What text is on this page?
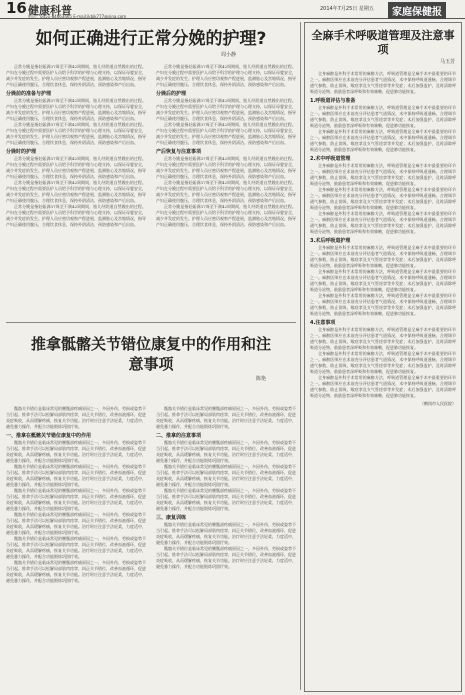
16 健康科普
电话：0451-84663465 E-mail:jkbjk777@sina.com
2014年7月25日 星期五	家庭保健报
如何正确进行正常分娩的护理?
周小静

正常分娩是指妊娠满37周至不满42周期间，胎儿经阴道自然娩出的过程。产妇在分娩过程中需要医护人员给予科学的护理与心理支持，以保证母婴安全，减少并发症的发生。护理人员应密切观察产程进展，监测胎心及宫缩情况，指导产妇正确使用腹压，合理饮食休息，保持外阴清洁，预防感染和产后出血。

分娩前的准备与护理

正常分娩是指妊娠满37周至不满42周期间，胎儿经阴道自然娩出的过程。产妇在分娩过程中需要医护人员给予科学的护理与心理支持，以保证母婴安全，减少并发症的发生。护理人员应密切观察产程进展，监测胎心及宫缩情况，指导产妇正确使用腹压，合理饮食休息，保持外阴清洁，预防感染和产后出血。

正常分娩是指妊娠满37周至不满42周期间，胎儿经阴道自然娩出的过程。产妇在分娩过程中需要医护人员给予科学的护理与心理支持，以保证母婴安全，减少并发症的发生。护理人员应密切观察产程进展，监测胎心及宫缩情况，指导产妇正确使用腹压，合理饮食休息，保持外阴清洁，预防感染和产后出血。

分娩时的护理

正常分娩是指妊娠满37周至不满42周期间，胎儿经阴道自然娩出的过程。产妇在分娩过程中需要医护人员给予科学的护理与心理支持，以保证母婴安全，减少并发症的发生。护理人员应密切观察产程进展，监测胎心及宫缩情况，指导产妇正确使用腹压，合理饮食休息，保持外阴清洁，预防感染和产后出血。

正常分娩是指妊娠满37周至不满42周期间，胎儿经阴道自然娩出的过程。产妇在分娩过程中需要医护人员给予科学的护理与心理支持，以保证母婴安全，减少并发症的发生。护理人员应密切观察产程进展，监测胎心及宫缩情况，指导产妇正确使用腹压，合理饮食休息，保持外阴清洁，预防感染和产后出血。

正常分娩是指妊娠满37周至不满42周期间，胎儿经阴道自然娩出的过程。产妇在分娩过程中需要医护人员给予科学的护理与心理支持，以保证母婴安全，减少并发症的发生。护理人员应密切观察产程进展，监测胎心及宫缩情况，指导产妇正确使用腹压，合理饮食休息，保持外阴清洁，预防感染和产后出血。

正常分娩是指妊娠满37周至不满42周期间，胎儿经阴道自然娩出的过程。产妇在分娩过程中需要医护人员给予科学的护理与心理支持，以保证母婴安全，减少并发症的发生。护理人员应密切观察产程进展，监测胎心及宫缩情况，指导产妇正确使用腹压，合理饮食休息，保持外阴清洁，预防感染和产后出血。

分娩后的护理

正常分娩是指妊娠满37周至不满42周期间，胎儿经阴道自然娩出的过程。产妇在分娩过程中需要医护人员给予科学的护理与心理支持，以保证母婴安全，减少并发症的发生。护理人员应密切观察产程进展，监测胎心及宫缩情况，指导产妇正确使用腹压，合理饮食休息，保持外阴清洁，预防感染和产后出血。

正常分娩是指妊娠满37周至不满42周期间，胎儿经阴道自然娩出的过程。产妇在分娩过程中需要医护人员给予科学的护理与心理支持，以保证母婴安全，减少并发症的发生。护理人员应密切观察产程进展，监测胎心及宫缩情况，指导产妇正确使用腹压，合理饮食休息，保持外阴清洁，预防感染和产后出血。

产后恢复与注意事项

正常分娩是指妊娠满37周至不满42周期间，胎儿经阴道自然娩出的过程。产妇在分娩过程中需要医护人员给予科学的护理与心理支持，以保证母婴安全，减少并发症的发生。护理人员应密切观察产程进展，监测胎心及宫缩情况，指导产妇正确使用腹压，合理饮食休息，保持外阴清洁，预防感染和产后出血。

正常分娩是指妊娠满37周至不满42周期间，胎儿经阴道自然娩出的过程。产妇在分娩过程中需要医护人员给予科学的护理与心理支持，以保证母婴安全，减少并发症的发生。护理人员应密切观察产程进展，监测胎心及宫缩情况，指导产妇正确使用腹压，合理饮食休息，保持外阴清洁，预防感染和产后出血。

正常分娩是指妊娠满37周至不满42周期间，胎儿经阴道自然娩出的过程。产妇在分娩过程中需要医护人员给予科学的护理与心理支持，以保证母婴安全，减少并发症的发生。护理人员应密切观察产程进展，监测胎心及宫缩情况，指导产妇正确使用腹压，合理饮食休息，保持外阴清洁，预防感染和产后出血。

推拿骶髂关节错位康复中的作用和注意事项
陈艳

骶髂关节错位是临床常见的腰骶部疼痛原因之一，多因外伤、劳损或姿势不当引起。推拿手法可以松解局部肌肉痉挛，纠正关节错位，改善血液循环，促进炎症吸收，从而缓解疼痛，恢复关节功能。治疗时应注意手法轻柔，力度适中，避免暴力操作，并配合功能锻炼巩固疗效。

一、推拿在骶髂关节错位康复中的作用

骶髂关节错位是临床常见的腰骶部疼痛原因之一，多因外伤、劳损或姿势不当引起。推拿手法可以松解局部肌肉痉挛，纠正关节错位，改善血液循环，促进炎症吸收，从而缓解疼痛，恢复关节功能。治疗时应注意手法轻柔，力度适中，避免暴力操作，并配合功能锻炼巩固疗效。

骶髂关节错位是临床常见的腰骶部疼痛原因之一，多因外伤、劳损或姿势不当引起。推拿手法可以松解局部肌肉痉挛，纠正关节错位，改善血液循环，促进炎症吸收，从而缓解疼痛，恢复关节功能。治疗时应注意手法轻柔，力度适中，避免暴力操作，并配合功能锻炼巩固疗效。

骶髂关节错位是临床常见的腰骶部疼痛原因之一，多因外伤、劳损或姿势不当引起。推拿手法可以松解局部肌肉痉挛，纠正关节错位，改善血液循环，促进炎症吸收，从而缓解疼痛，恢复关节功能。治疗时应注意手法轻柔，力度适中，避免暴力操作，并配合功能锻炼巩固疗效。

骶髂关节错位是临床常见的腰骶部疼痛原因之一，多因外伤、劳损或姿势不当引起。推拿手法可以松解局部肌肉痉挛，纠正关节错位，改善血液循环，促进炎症吸收，从而缓解疼痛，恢复关节功能。治疗时应注意手法轻柔，力度适中，避免暴力操作，并配合功能锻炼巩固疗效。

骶髂关节错位是临床常见的腰骶部疼痛原因之一，多因外伤、劳损或姿势不当引起。推拿手法可以松解局部肌肉痉挛，纠正关节错位，改善血液循环，促进炎症吸收，从而缓解疼痛，恢复关节功能。治疗时应注意手法轻柔，力度适中，避免暴力操作，并配合功能锻炼巩固疗效。

骶髂关节错位是临床常见的腰骶部疼痛原因之一，多因外伤、劳损或姿势不当引起。推拿手法可以松解局部肌肉痉挛，纠正关节错位，改善血液循环，促进炎症吸收，从而缓解疼痛，恢复关节功能。治疗时应注意手法轻柔，力度适中，避免暴力操作，并配合功能锻炼巩固疗效。

骶髂关节错位是临床常见的腰骶部疼痛原因之一，多因外伤、劳损或姿势不当引起。推拿手法可以松解局部肌肉痉挛，纠正关节错位，改善血液循环，促进炎症吸收，从而缓解疼痛，恢复关节功能。治疗时应注意手法轻柔，力度适中，避免暴力操作，并配合功能锻炼巩固疗效。

二、推拿的注意事项

骶髂关节错位是临床常见的腰骶部疼痛原因之一，多因外伤、劳损或姿势不当引起。推拿手法可以松解局部肌肉痉挛，纠正关节错位，改善血液循环，促进炎症吸收，从而缓解疼痛，恢复关节功能。治疗时应注意手法轻柔，力度适中，避免暴力操作，并配合功能锻炼巩固疗效。

骶髂关节错位是临床常见的腰骶部疼痛原因之一，多因外伤、劳损或姿势不当引起。推拿手法可以松解局部肌肉痉挛，纠正关节错位，改善血液循环，促进炎症吸收，从而缓解疼痛，恢复关节功能。治疗时应注意手法轻柔，力度适中，避免暴力操作，并配合功能锻炼巩固疗效。

骶髂关节错位是临床常见的腰骶部疼痛原因之一，多因外伤、劳损或姿势不当引起。推拿手法可以松解局部肌肉痉挛，纠正关节错位，改善血液循环，促进炎症吸收，从而缓解疼痛，恢复关节功能。治疗时应注意手法轻柔，力度适中，避免暴力操作，并配合功能锻炼巩固疗效。

三、康复训练

骶髂关节错位是临床常见的腰骶部疼痛原因之一，多因外伤、劳损或姿势不当引起。推拿手法可以松解局部肌肉痉挛，纠正关节错位，改善血液循环，促进炎症吸收，从而缓解疼痛，恢复关节功能。治疗时应注意手法轻柔，力度适中，避免暴力操作，并配合功能锻炼巩固疗效。

骶髂关节错位是临床常见的腰骶部疼痛原因之一，多因外伤、劳损或姿势不当引起。推拿手法可以松解局部肌肉痉挛，纠正关节错位，改善血液循环，促进炎症吸收，从而缓解疼痛，恢复关节功能。治疗时应注意手法轻柔，力度适中，避免暴力操作，并配合功能锻炼巩固疗效。

全麻手术呼吸道管理及注意事项
马玉芳

全身麻醉是外科手术常用的麻醉方法，呼吸道管理是全麻手术中最重要的环节之一。麻醉医师应在术前充分评估患者气道情况，术中保持呼吸道通畅，合理调节通气参数，防止误吸、喉痉挛及支气管痉挛等并发症；术后加强监护，及时清除呼吸道分泌物，鼓励患者深呼吸和有效咳嗽，促进肺功能恢复。

1.呼吸道评估与准备

全身麻醉是外科手术常用的麻醉方法，呼吸道管理是全麻手术中最重要的环节之一。麻醉医师应在术前充分评估患者气道情况，术中保持呼吸道通畅，合理调节通气参数，防止误吸、喉痉挛及支气管痉挛等并发症；术后加强监护，及时清除呼吸道分泌物，鼓励患者深呼吸和有效咳嗽，促进肺功能恢复。

全身麻醉是外科手术常用的麻醉方法，呼吸道管理是全麻手术中最重要的环节之一。麻醉医师应在术前充分评估患者气道情况，术中保持呼吸道通畅，合理调节通气参数，防止误吸、喉痉挛及支气管痉挛等并发症；术后加强监护，及时清除呼吸道分泌物，鼓励患者深呼吸和有效咳嗽，促进肺功能恢复。

2.术中呼吸道管理

全身麻醉是外科手术常用的麻醉方法，呼吸道管理是全麻手术中最重要的环节之一。麻醉医师应在术前充分评估患者气道情况，术中保持呼吸道通畅，合理调节通气参数，防止误吸、喉痉挛及支气管痉挛等并发症；术后加强监护，及时清除呼吸道分泌物，鼓励患者深呼吸和有效咳嗽，促进肺功能恢复。

全身麻醉是外科手术常用的麻醉方法，呼吸道管理是全麻手术中最重要的环节之一。麻醉医师应在术前充分评估患者气道情况，术中保持呼吸道通畅，合理调节通气参数，防止误吸、喉痉挛及支气管痉挛等并发症；术后加强监护，及时清除呼吸道分泌物，鼓励患者深呼吸和有效咳嗽，促进肺功能恢复。

全身麻醉是外科手术常用的麻醉方法，呼吸道管理是全麻手术中最重要的环节之一。麻醉医师应在术前充分评估患者气道情况，术中保持呼吸道通畅，合理调节通气参数，防止误吸、喉痉挛及支气管痉挛等并发症；术后加强监护，及时清除呼吸道分泌物，鼓励患者深呼吸和有效咳嗽，促进肺功能恢复。

3.术后呼吸道护理

全身麻醉是外科手术常用的麻醉方法，呼吸道管理是全麻手术中最重要的环节之一。麻醉医师应在术前充分评估患者气道情况，术中保持呼吸道通畅，合理调节通气参数，防止误吸、喉痉挛及支气管痉挛等并发症；术后加强监护，及时清除呼吸道分泌物，鼓励患者深呼吸和有效咳嗽，促进肺功能恢复。

全身麻醉是外科手术常用的麻醉方法，呼吸道管理是全麻手术中最重要的环节之一。麻醉医师应在术前充分评估患者气道情况，术中保持呼吸道通畅，合理调节通气参数，防止误吸、喉痉挛及支气管痉挛等并发症；术后加强监护，及时清除呼吸道分泌物，鼓励患者深呼吸和有效咳嗽，促进肺功能恢复。

全身麻醉是外科手术常用的麻醉方法，呼吸道管理是全麻手术中最重要的环节之一。麻醉医师应在术前充分评估患者气道情况，术中保持呼吸道通畅，合理调节通气参数，防止误吸、喉痉挛及支气管痉挛等并发症；术后加强监护，及时清除呼吸道分泌物，鼓励患者深呼吸和有效咳嗽，促进肺功能恢复。

4.注意事项

全身麻醉是外科手术常用的麻醉方法，呼吸道管理是全麻手术中最重要的环节之一。麻醉医师应在术前充分评估患者气道情况，术中保持呼吸道通畅，合理调节通气参数，防止误吸、喉痉挛及支气管痉挛等并发症；术后加强监护，及时清除呼吸道分泌物，鼓励患者深呼吸和有效咳嗽，促进肺功能恢复。

全身麻醉是外科手术常用的麻醉方法，呼吸道管理是全麻手术中最重要的环节之一。麻醉医师应在术前充分评估患者气道情况，术中保持呼吸道通畅，合理调节通气参数，防止误吸、喉痉挛及支气管痉挛等并发症；术后加强监护，及时清除呼吸道分泌物，鼓励患者深呼吸和有效咳嗽，促进肺功能恢复。

全身麻醉是外科手术常用的麻醉方法，呼吸道管理是全麻手术中最重要的环节之一。麻醉医师应在术前充分评估患者气道情况，术中保持呼吸道通畅，合理调节通气参数，防止误吸、喉痉挛及支气管痉挛等并发症；术后加强监护，及时清除呼吸道分泌物，鼓励患者深呼吸和有效咳嗽，促进肺功能恢复。

（鹤岗市人民医院）
